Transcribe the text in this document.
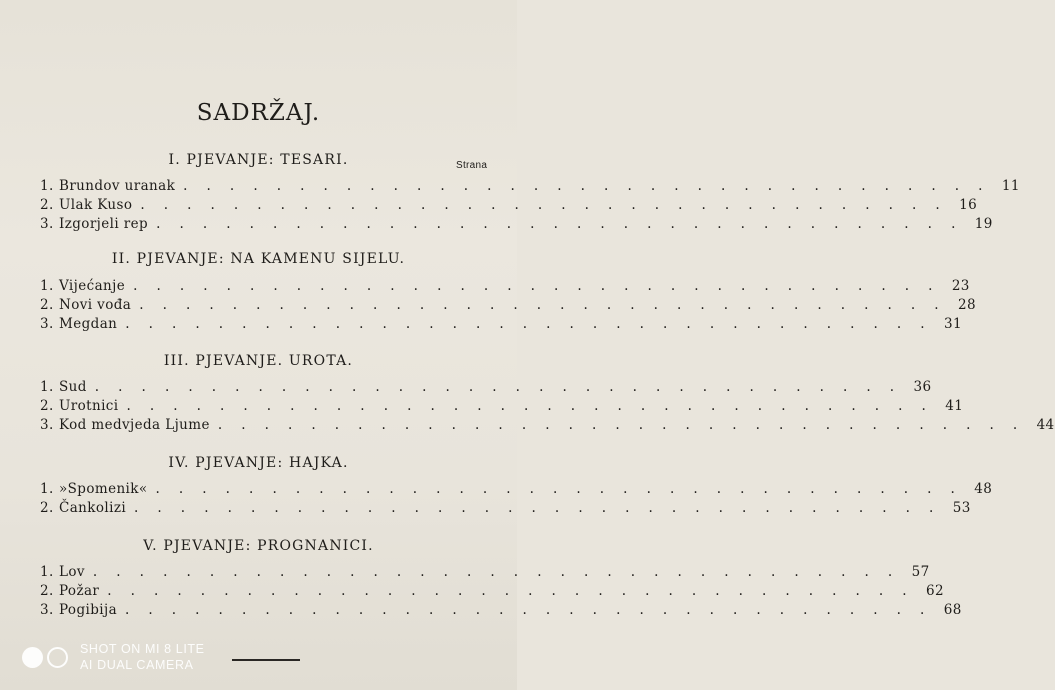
SADRŽAJ.
Strana
I. PJEVANJE: TESARI.
1. Brundov uranak . . . . . . . . . . . . . . . . . . . . . . . . . . . . . . . . . . . 11
2. Ulak Kuso . . . . . . . . . . . . . . . . . . . . . . . . . . . . . . . . . . . 16
3. Izgorjeli rep . . . . . . . . . . . . . . . . . . . . . . . . . . . . . . . . . . . 19
II. PJEVANJE: NA KAMENU SIJELU.
1. Vijećanje . . . . . . . . . . . . . . . . . . . . . . . . . . . . . . . . . . . 23
2. Novi vođa . . . . . . . . . . . . . . . . . . . . . . . . . . . . . . . . . . . 28
3. Megdan . . . . . . . . . . . . . . . . . . . . . . . . . . . . . . . . . . . 31
III. PJEVANJE. UROTA.
1. Sud . . . . . . . . . . . . . . . . . . . . . . . . . . . . . . . . . . . 36
2. Urotnici . . . . . . . . . . . . . . . . . . . . . . . . . . . . . . . . . . . 41
3. Kod medvjeda Ljume . . . . . . . . . . . . . . . . . . . . . . . . . . . . . . . . . . . 44
IV. PJEVANJE: HAJKA.
1. »Spomenik« . . . . . . . . . . . . . . . . . . . . . . . . . . . . . . . . . . . 48
2. Čankolizi . . . . . . . . . . . . . . . . . . . . . . . . . . . . . . . . . . . 53
V. PJEVANJE: PROGNANICI.
1. Lov . . . . . . . . . . . . . . . . . . . . . . . . . . . . . . . . . . . 57
2. Požar . . . . . . . . . . . . . . . . . . . . . . . . . . . . . . . . . . . 62
3. Pogibija . . . . . . . . . . . . . . . . . . . . . . . . . . . . . . . . . . . 68
SHOT ON MI 8 LITE
AI DUAL CAMERA
